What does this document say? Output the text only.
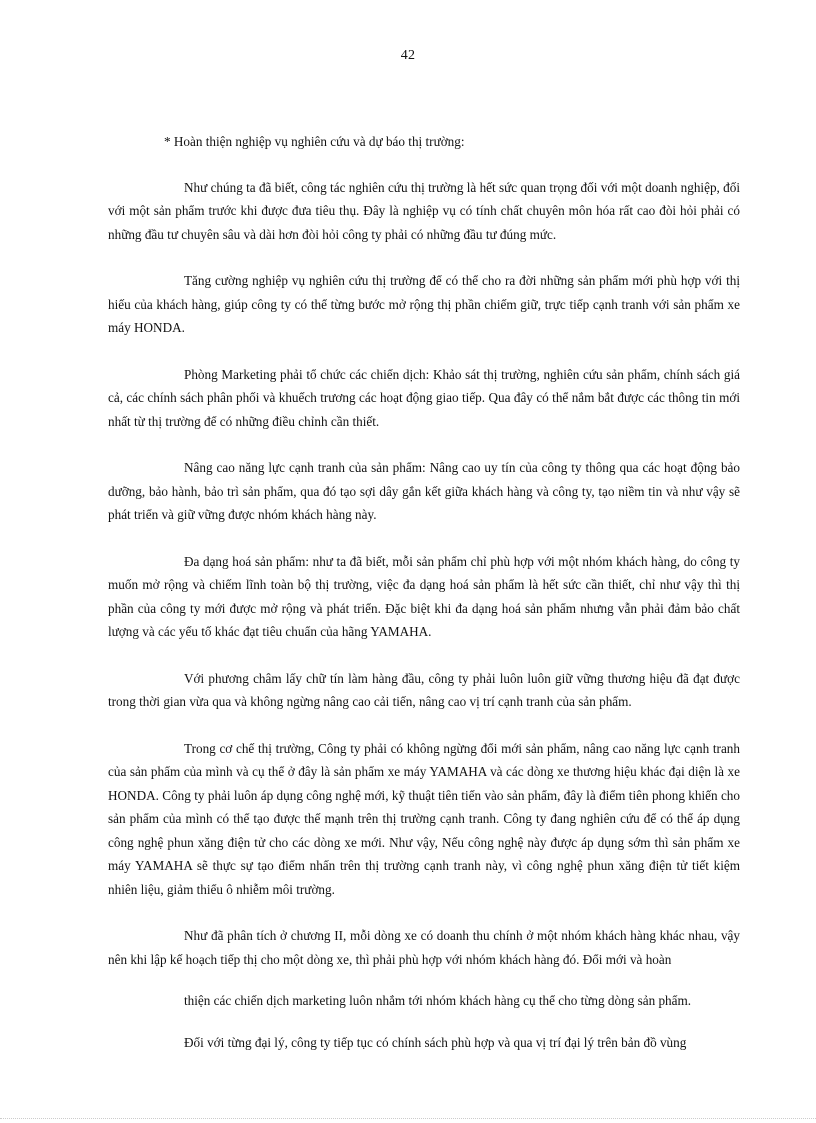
42

* Hoàn thiện nghiệp vụ nghiên cứu và dự báo thị trường:

Như chúng ta đã biết, công tác nghiên cứu thị trường là hết sức quan trọng đối với một doanh nghiệp, đối với một sản phẩm trước khi được đưa tiêu thụ. Đây là nghiệp vụ có tính chất chuyên môn hóa rất cao đòi hỏi phải có những đầu tư chuyên sâu và dài hơn đòi hỏi công ty phải có những đầu tư đúng mức.

Tăng cường nghiệp vụ nghiên cứu thị trường để có thể cho ra đời những sản phẩm mới phù hợp với thị hiếu của khách hàng, giúp công ty có thể từng bước mở rộng thị phần chiếm giữ, trực tiếp cạnh tranh với sản phẩm xe máy HONDA.

Phòng Marketing phải tổ chức các chiến dịch: Khảo sát thị trường, nghiên cứu sản phẩm, chính sách giá cả, các chính sách phân phối và khuếch trương các hoạt động giao tiếp. Qua đây có thể nắm bắt được các thông tin mới nhất từ thị trường để có những điều chỉnh cần thiết.

Nâng cao năng lực cạnh tranh của sản phẩm: Nâng cao uy tín của công ty thông qua các hoạt động bảo dưỡng, bảo hành, bảo trì sản phẩm, qua đó tạo sợi dây gắn kết giữa khách hàng và công ty, tạo niềm tin và như vậy sẽ phát triển và giữ vững được nhóm khách hàng này.

Đa dạng hoá sản phẩm: như ta đã biết, mỗi sản phẩm chỉ phù hợp với một nhóm khách hàng, do công ty muốn mở rộng và chiếm lĩnh toàn bộ thị trường, việc đa dạng hoá sản phẩm là hết sức cần thiết, chỉ như vậy thì thị phần của công ty mới được mở rộng và phát triển. Đặc biệt khi đa dạng hoá sản phẩm nhưng vẫn phải đảm bảo chất lượng và các yếu tố khác đạt tiêu chuẩn của hãng YAMAHA.

Với phương châm lấy chữ tín làm hàng đầu, công ty phải luôn luôn giữ vững thương hiệu đã đạt được trong thời gian vừa qua và không ngừng nâng cao cải tiến, nâng cao vị trí cạnh tranh của sản phẩm.

Trong cơ chế thị trường, Công ty phải có không ngừng đổi mới sản phẩm, nâng cao năng lực cạnh tranh của sản phẩm của mình và cụ thể ở đây là sản phẩm xe máy YAMAHA và các dòng xe thương hiệu khác đại diện là xe HONDA. Công ty phải luôn áp dụng công nghệ mới, kỹ thuật tiên tiến vào sản phẩm, đây là điểm tiên phong khiến cho sản phẩm của mình có thể tạo được thế mạnh trên thị trường cạnh tranh. Công ty đang nghiên cứu để có thể áp dụng công nghệ phun xăng điện tử cho các dòng xe mới. Như vậy, Nếu công nghệ này được áp dụng sớm thì sản phẩm xe máy YAMAHA sẽ thực sự tạo điểm nhấn trên thị trường cạnh tranh này, vì công nghệ phun xăng điện tử tiết kiệm nhiên liệu, giảm thiểu ô nhiễm môi trường.

Như đã phân tích ở chương II, mỗi dòng xe có doanh thu chính ở một nhóm khách hàng khác nhau, vậy nên khi lập kế hoạch tiếp thị cho một dòng xe, thì phải phù hợp với nhóm khách hàng đó. Đổi mới và hoàn

thiện các chiến dịch marketing luôn nhắm tới nhóm khách hàng cụ thể cho từng dòng sản phẩm.

Đối với từng đại lý, công ty tiếp tục có chính sách phù hợp và qua vị trí đại lý trên bản đồ vùng
